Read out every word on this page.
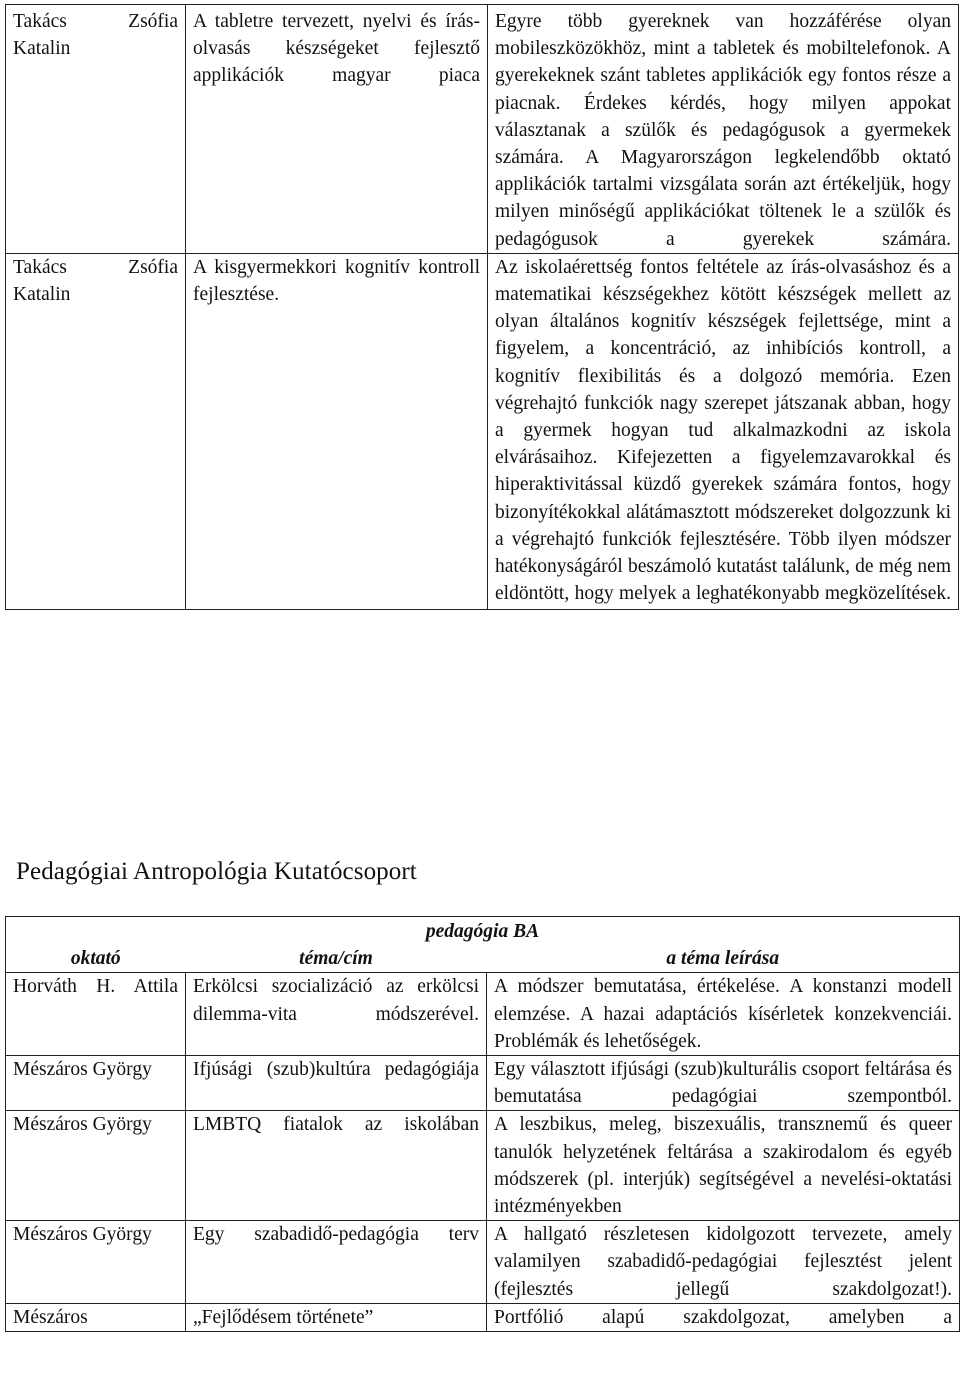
Takács Zsófia Katalin	A tabletre tervezett, nyelvi és írás-olvasás készségeket fejlesztő applikációk magyar piaca	Egyre több gyereknek van hozzáférése olyan mobileszközökhöz, mint a tabletek és mobiltelefonok. A gyerekeknek szánt tabletes applikációk egy fontos része a piacnak. Érdekes kérdés, hogy milyen appokat választanak a szülők és pedagógusok a gyermekek számára. A Magyarországon legkelendőbb oktató applikációk tartalmi vizsgálata során azt értékeljük, hogy milyen minőségű applikációkat töltenek le a szülők és pedagógusok a gyerekek számára.
Takács Zsófia Katalin	A kisgyermekkori kognitív kontroll fejlesztése.	Az iskolaérettség fontos feltétele az írás-olvasáshoz és a matematikai készségekhez kötött készségek mellett az olyan általános kognitív készségek fejlettsége, mint a figyelem, a koncentráció, az inhibíciós kontroll, a kognitív flexibilitás és a dolgozó memória. Ezen végrehajtó funkciók nagy szerepet játszanak abban, hogy a gyermek hogyan tud alkalmazkodni az iskola elvárásaihoz. Kifejezetten a figyelemzavarokkal és hiperaktivitással küzdő gyerekek számára fontos, hogy bizonyítékokkal alátámasztott módszereket dolgozzunk ki a végrehajtó funkciók fejlesztésére. Több ilyen módszer hatékonyságáról beszámoló kutatást találunk, de még nem eldöntött, hogy melyek a leghatékonyabb megközelítések.
Pedagógiai Antropológia Kutatócsoport
pedagógia BA		
oktató	téma/cím	a téma leírása
Horváth H. Attila	Erkölcsi szocializáció az erkölcsi dilemma-vita módszerével.	A módszer bemutatása, értékelése. A konstanzi modell elemzése. A hazai adaptációs kísérletek konzekvenciái. Problémák és lehetőségek.
Mészáros György	Ifjúsági (szub)kultúra pedagógiája	Egy választott ifjúsági (szub)kulturális csoport feltárása és bemutatása pedagógiai szempontból.
Mészáros György	LMBTQ fiatalok az iskolában	A leszbikus, meleg, biszexuális, transznemű és queer tanulók helyzetének feltárása a szakirodalom és egyéb módszerek (pl. interjúk) segítségével a nevelési-oktatási intézményekben
Mészáros György	Egy szabadidő-pedagógia terv	A hallgató részletesen kidolgozott tervezete, amely valamilyen szabadidő-pedagógiai fejlesztést jelent (fejlesztés jellegű szakdolgozat!).
Mészáros	„Fejlődésem története”	Portfólió alapú szakdolgozat, amelyben a
